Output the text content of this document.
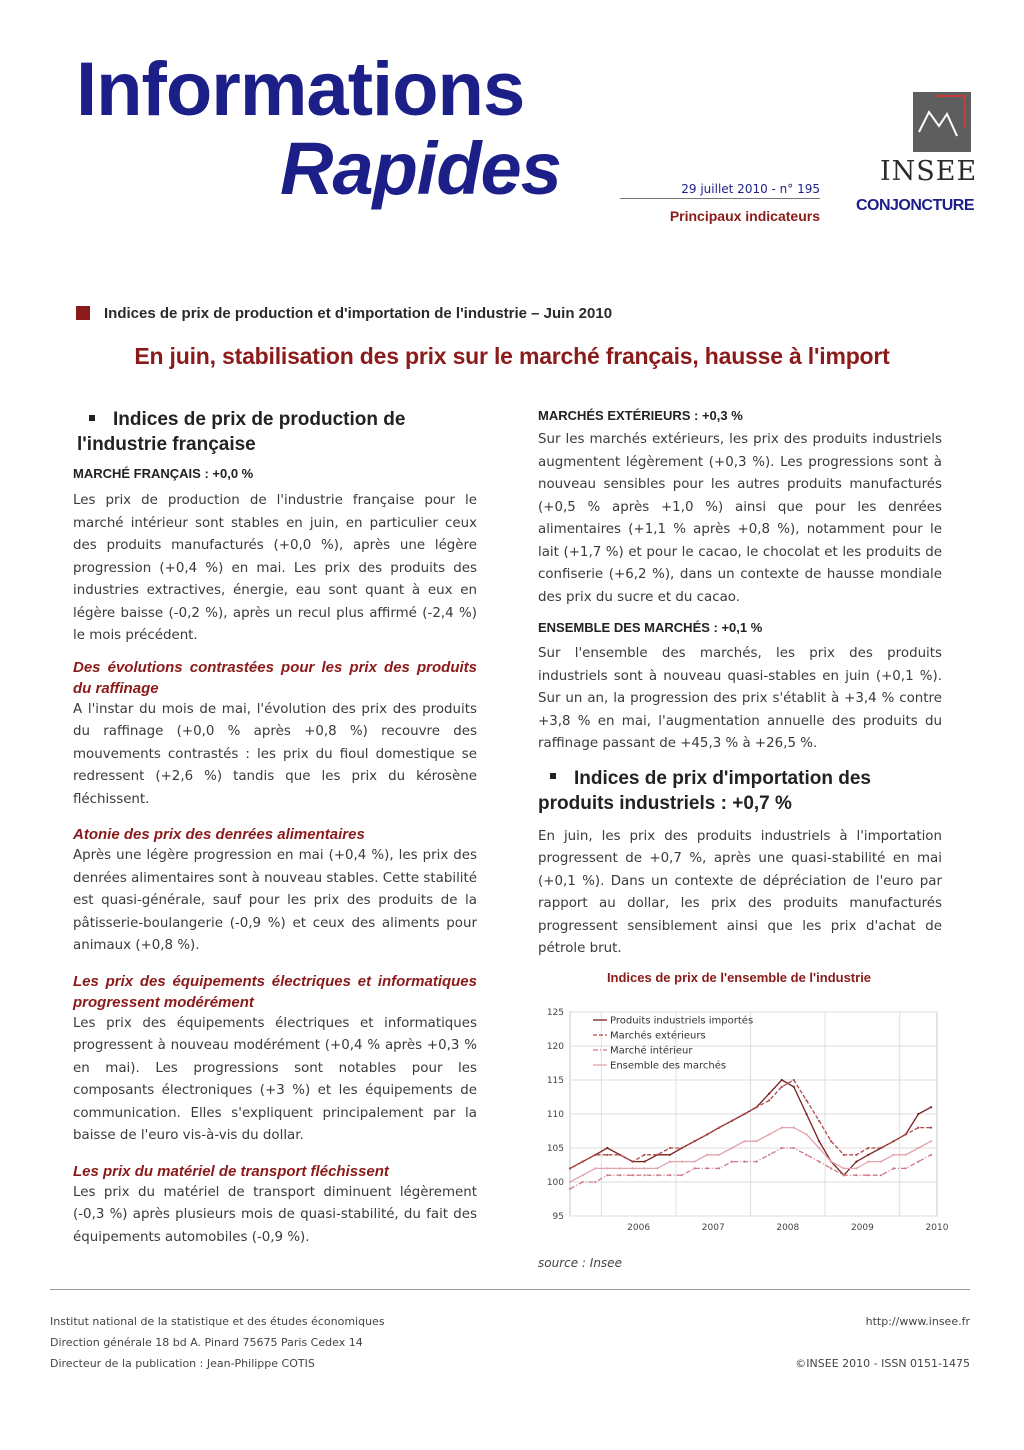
Informations
Rapides	29 juillet 2010 - n° 195
Principaux indicateurs
INSEE
CONJONCTURE
Indices de prix de production et d'importation de l'industrie – Juin 2010
En juin, stabilisation des prix sur le marché français, hausse à l'import
Indices de prix de production de l'industrie française
MARCHÉ FRANÇAIS : +0,0 %

Les prix de production de l'industrie française pour le marché intérieur sont stables en juin, en particulier ceux des produits manufacturés (+0,0 %), après une légère progression (+0,4 %) en mai. Les prix des produits des industries extractives, énergie, eau sont quant à eux en légère baisse (-0,2 %), après un recul plus affirmé (-2,4 %) le mois précédent.

Des évolutions contrastées pour les prix des produits du raffinage

A l'instar du mois de mai, l'évolution des prix des produits du raffinage (+0,0 % après +0,8 %) recouvre des mouvements contrastés : les prix du fioul domestique se redressent (+2,6 %) tandis que les prix du kérosène fléchissent.

Atonie des prix des denrées alimentaires

Après une légère progression en mai (+0,4 %), les prix des denrées alimentaires sont à nouveau stables. Cette stabilité est quasi-générale, sauf pour les prix des produits de la pâtisserie-boulangerie (-0,9 %) et ceux des aliments pour animaux (+0,8 %).

Les prix des équipements électriques et informatiques progressent modérément

Les prix des équipements électriques et informatiques progressent à nouveau modérément (+0,4 % après +0,3 % en mai). Les progressions sont notables pour les composants électroniques (+3 %) et les équipements de communication. Elles s'expliquent principalement par la baisse de l'euro vis-à-vis du dollar.

Les prix du matériel de transport fléchissent

Les prix du matériel de transport diminuent légèrement (-0,3 %) après plusieurs mois de quasi-stabilité, du fait des équipements automobiles (-0,9 %).

MARCHÉS EXTÉRIEURS : +0,3 %

Sur les marchés extérieurs, les prix des produits industriels augmentent légèrement (+0,3 %). Les progressions sont à nouveau sensibles pour les autres produits manufacturés (+0,5 % après +1,0 %) ainsi que pour les denrées alimentaires (+1,1 % après +0,8 %), notamment pour le lait (+1,7 %) et pour le cacao, le chocolat et les produits de confiserie (+6,2 %), dans un contexte de hausse mondiale des prix du sucre et du cacao.

ENSEMBLE DES MARCHÉS : +0,1 %

Sur l'ensemble des marchés, les prix des produits industriels sont à nouveau quasi-stables en juin (+0,1 %). Sur un an, la progression des prix s'établit à +3,4 % contre +3,8 % en mai, l'augmentation annuelle des produits du raffinage passant de +45,3 % à +26,5 %.

Indices de prix d'importation des produits industriels : +0,7 %

En juin, les prix des produits industriels à l'importation progressent de +0,7 %, après une quasi-stabilité en mai (+0,1 %). Dans un contexte de dépréciation de l'euro par rapport au dollar, les prix des produits manufacturés progressent sensiblement ainsi que les prix d'achat de pétrole brut.

Indices de prix de l'ensemble de l'industrie
95
100
105
110
115
120
125
2006	2007	2008	2009	2010
Produits industriels importés
Marchés extérieurs
Marché intérieur
Ensemble des marchés
source : Insee
Institut national de la statistique et des études économiques
Direction générale 18 bd A. Pinard 75675 Paris Cedex 14
Directeur de la publication : Jean-Philippe COTIS
http://www.insee.fr
©INSEE 2010 - ISSN 0151-1475
